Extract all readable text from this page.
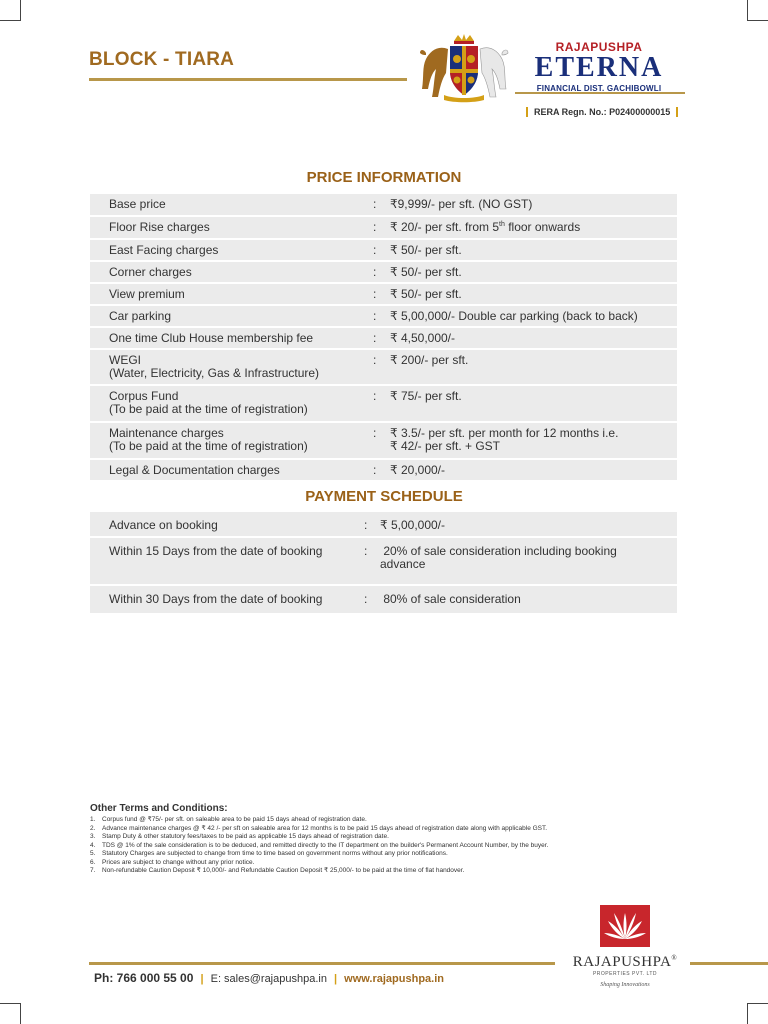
BLOCK - TIARA
RAJAPUSHPA
ETERNA
FINANCIAL DIST. GACHIBOWLI
RERA Regn. No.: P02400000015
PRICE INFORMATION
Base price	: ₹9,999/- per sft. (NO GST)
Floor Rise charges	: ₹ 20/- per sft. from 5th floor onwards
East Facing charges	: ₹ 50/- per sft.
Corner charges	: ₹ 50/- per sft.
View premium	: ₹ 50/- per sft.
Car parking	: ₹ 5,00,000/- Double car parking (back to back)
One time Club House membership fee	: ₹ 4,50,000/-
WEGI
(Water, Electricity, Gas & Infrastructure)
: ₹ 200/- per sft.
Corpus Fund
(To be paid at the time of registration)
: ₹ 75/- per sft.
Maintenance charges
(To be paid at the time of registration)
: ₹ 3.5/- per sft. per month for 12 months i.e.
₹ 42/- per sft. + GST
Legal & Documentation charges	: ₹ 20,000/-
PAYMENT SCHEDULE
Advance on booking	: ₹ 5,00,000/-
Within 15 Days from the date of booking	: 20% of sale consideration including booking
advance
Within 30 Days from the date of booking	: 80% of sale consideration
Other Terms and Conditions:
1. Corpus fund @ ₹75/- per sft. on saleable area to be paid 15 days ahead of registration date.
2. Advance maintenance charges @ ₹ 42 /- per sft on saleable area for 12 months is to be paid 15 days ahead of registration date along with applicable GST.
3. Stamp Duty & other statutory fees/taxes to be paid as applicable 15 days ahead of registration date.
4. TDS @ 1% of the sale consideration is to be deduced, and remitted directly to the IT department on the builder's Permanent Account Number, by the buyer.
5. Statutory Charges are subjected to change from time to time based on government norms without any prior notifications.
6. Prices are subject to change without any prior notice.
7. Non-refundable Caution Deposit ₹ 10,000/- and Refundable Caution Deposit ₹ 25,000/- to be paid at the time of flat handover.
Ph: 766 000 55 00 | E: sales@rajapushpa.in | www.rajapushpa.in
RAJAPUSHPA®
PROPERTIES PVT. LTD
Shaping Innovations
